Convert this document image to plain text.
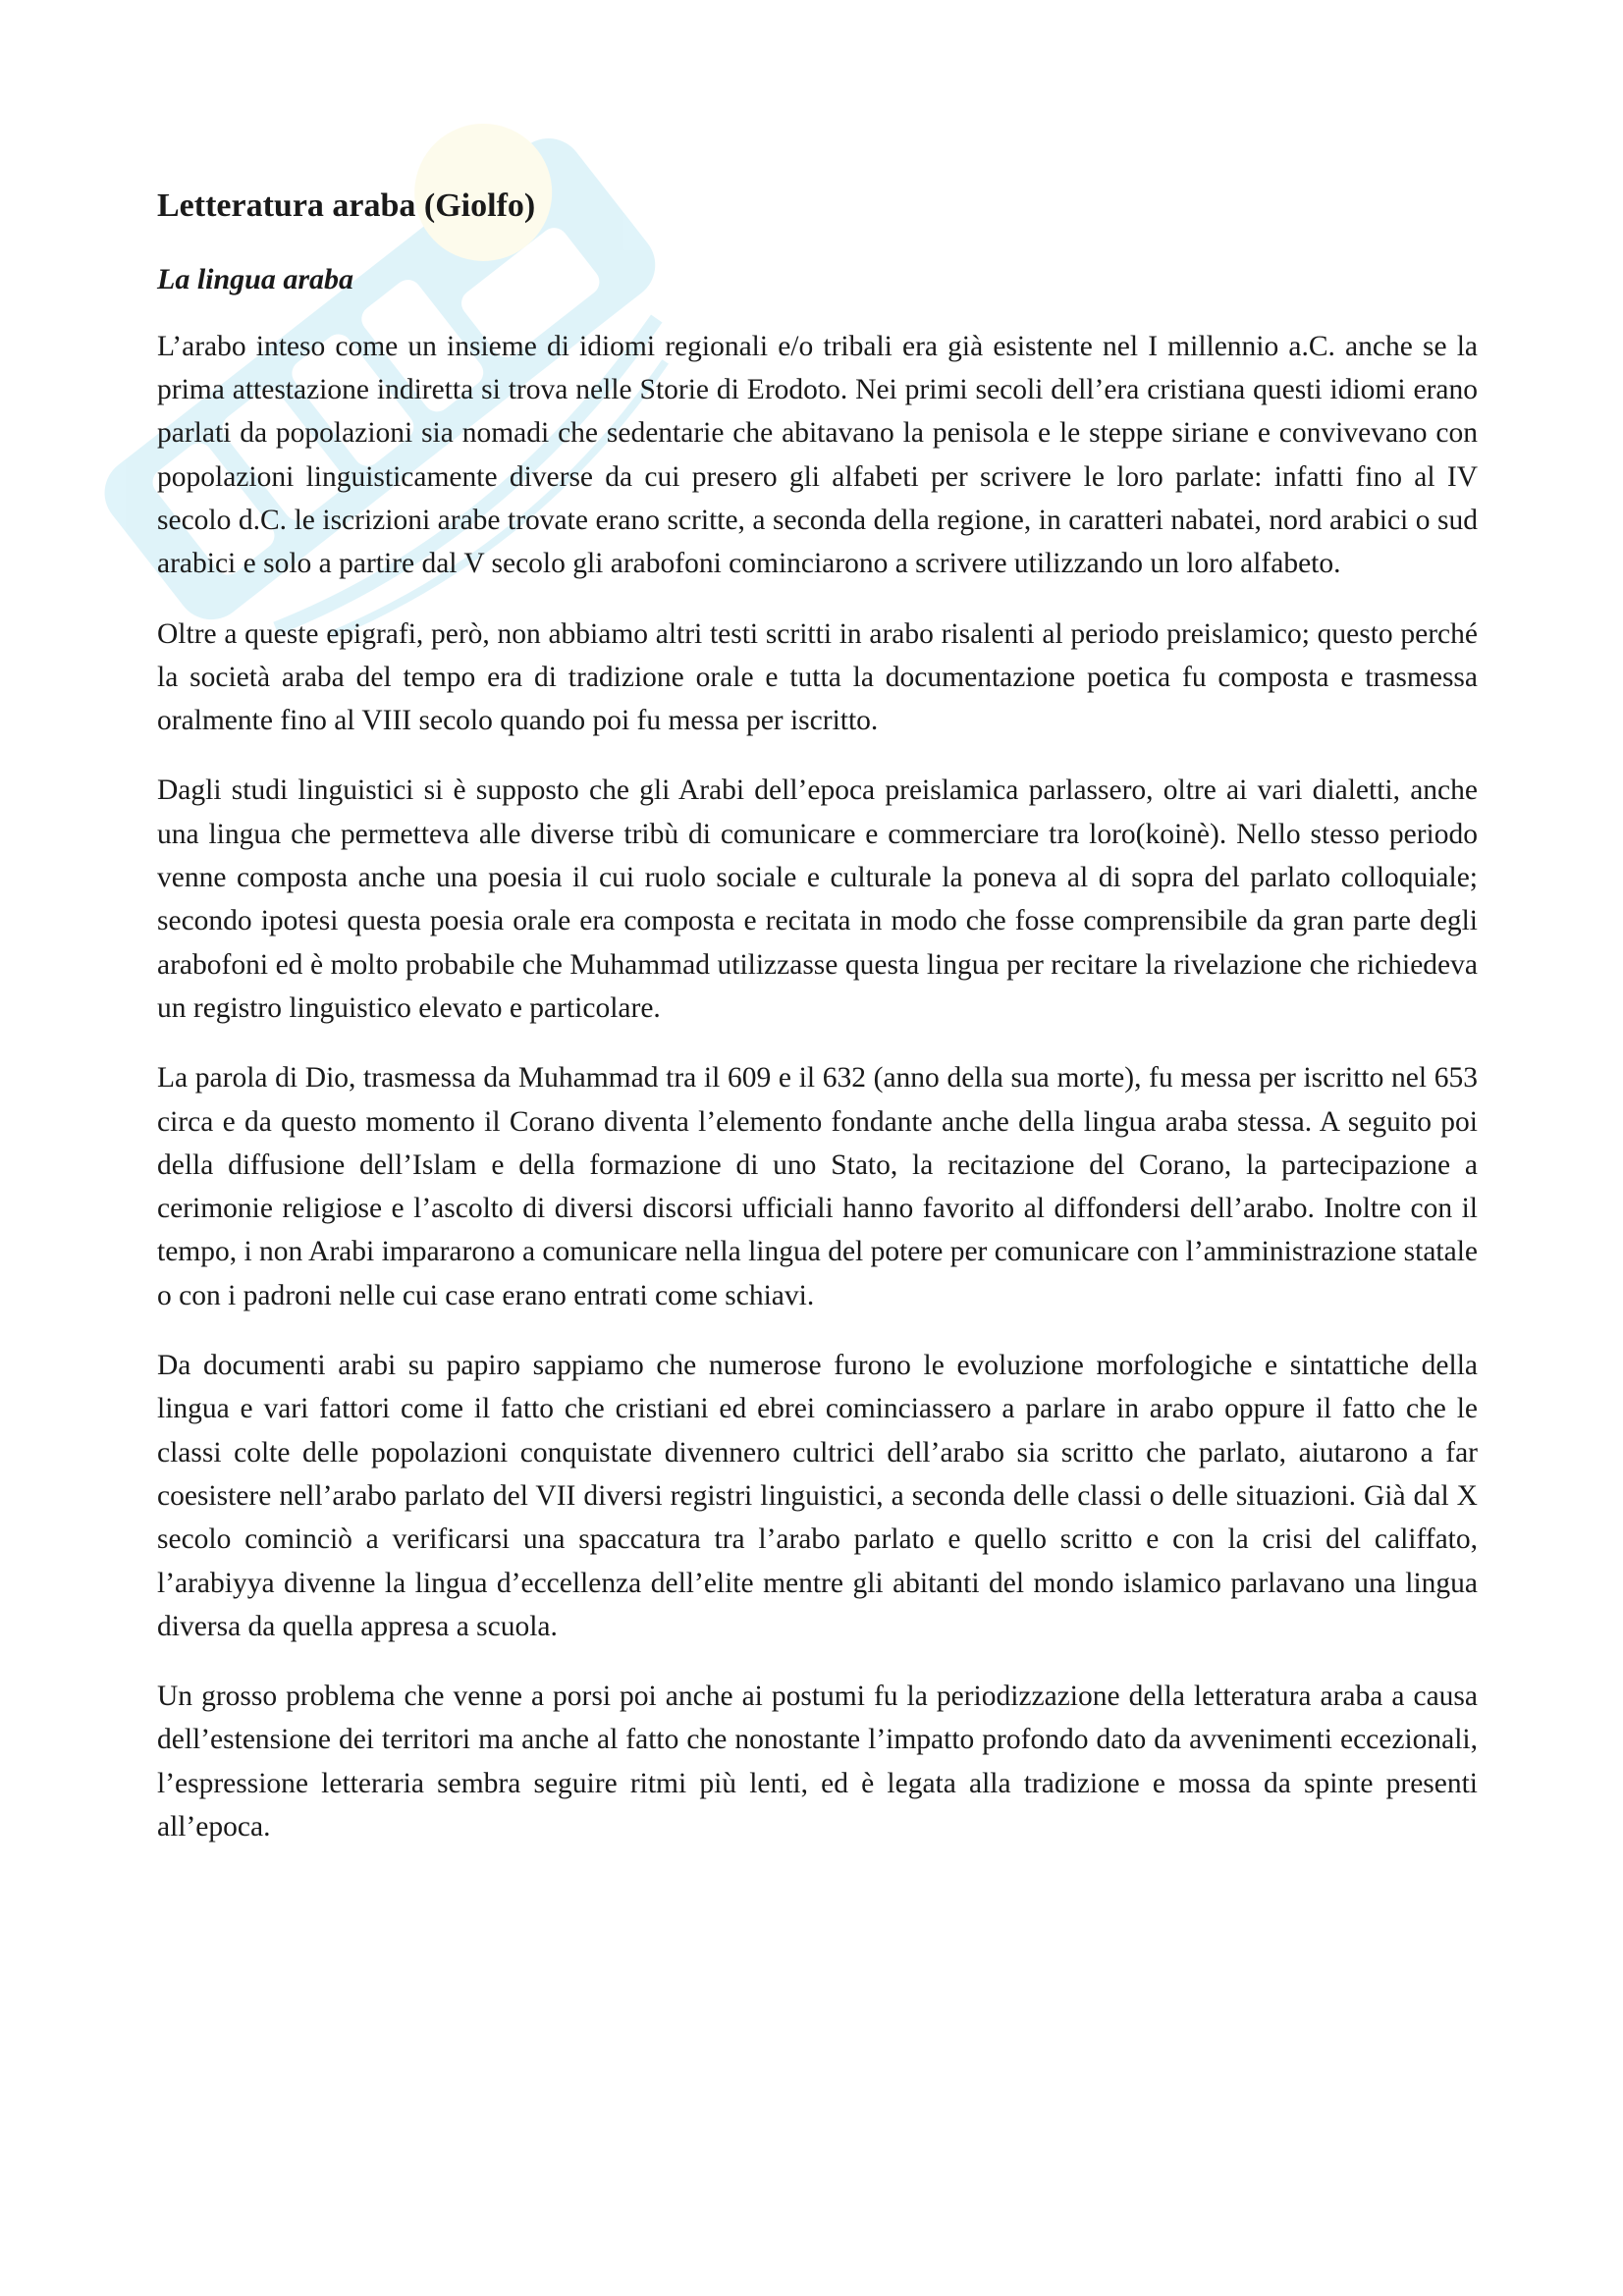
Letteratura araba (Giolfo)
La lingua araba

L’arabo inteso come un insieme di idiomi regionali e/o tribali era già esistente nel I millennio a.C. anche se la prima attestazione indiretta si trova nelle Storie di Erodoto. Nei primi secoli dell’era cristiana questi idiomi erano parlati da popolazioni sia nomadi che sedentarie che abitavano la penisola e le steppe siriane e convivevano con popolazioni linguisticamente diverse da cui presero gli alfabeti per scrivere le loro parlate: infatti fino al IV secolo d.C. le iscrizioni arabe trovate erano scritte, a seconda della regione, in caratteri nabatei, nord arabici o sud arabici e solo a partire dal V secolo gli arabofoni cominciarono a scrivere utilizzando un loro alfabeto.

Oltre a queste epigrafi, però, non abbiamo altri testi scritti in arabo risalenti al periodo preislamico; questo perché la società araba del tempo era di tradizione orale e tutta la documentazione poetica fu composta e trasmessa oralmente fino al VIII secolo quando poi fu messa per iscritto.

Dagli studi linguistici si è supposto che gli Arabi dell’epoca preislamica parlassero, oltre ai vari dialetti, anche una lingua che permetteva alle diverse tribù di comunicare e commerciare tra loro(koinè). Nello stesso periodo venne composta anche una poesia il cui ruolo sociale e culturale la poneva al di sopra del parlato colloquiale; secondo ipotesi questa poesia orale era composta e recitata in modo che fosse comprensibile da gran parte degli arabofoni ed è molto probabile che Muhammad utilizzasse questa lingua per recitare la rivelazione che richiedeva un registro linguistico elevato e particolare.

La parola di Dio, trasmessa da Muhammad tra il 609 e il 632 (anno della sua morte), fu messa per iscritto nel 653 circa e da questo momento il Corano diventa l’elemento fondante anche della lingua araba stessa. A seguito poi della diffusione dell’Islam e della formazione di uno Stato, la recitazione del Corano, la partecipazione a cerimonie religiose e l’ascolto di diversi discorsi ufficiali hanno favorito al diffondersi dell’arabo. Inoltre con il tempo, i non Arabi impararono a comunicare nella lingua del potere per comunicare con l’amministrazione statale o con i padroni nelle cui case erano entrati come schiavi.

Da documenti arabi su papiro sappiamo che numerose furono le evoluzione morfologiche e sintattiche della lingua e vari fattori come il fatto che cristiani ed ebrei cominciassero a parlare in arabo oppure il fatto che le classi colte delle popolazioni conquistate divennero cultrici dell’arabo sia scritto che parlato, aiutarono a far coesistere nell’arabo parlato del VII diversi registri linguistici, a seconda delle classi o delle situazioni. Già dal X secolo cominciò a verificarsi una spaccatura tra l’arabo parlato e quello scritto e con la crisi del califfato, l’arabiyya divenne la lingua d’eccellenza dell’elite mentre gli abitanti del mondo islamico parlavano una lingua diversa da quella appresa a scuola.

Un grosso problema che venne a porsi poi anche ai postumi fu la periodizzazione della letteratura araba a causa dell’estensione dei territori ma anche al fatto che nonostante l’impatto profondo dato da avvenimenti eccezionali, l’espressione letteraria sembra seguire ritmi più lenti, ed è legata alla tradizione e mossa da spinte presenti all’epoca.
